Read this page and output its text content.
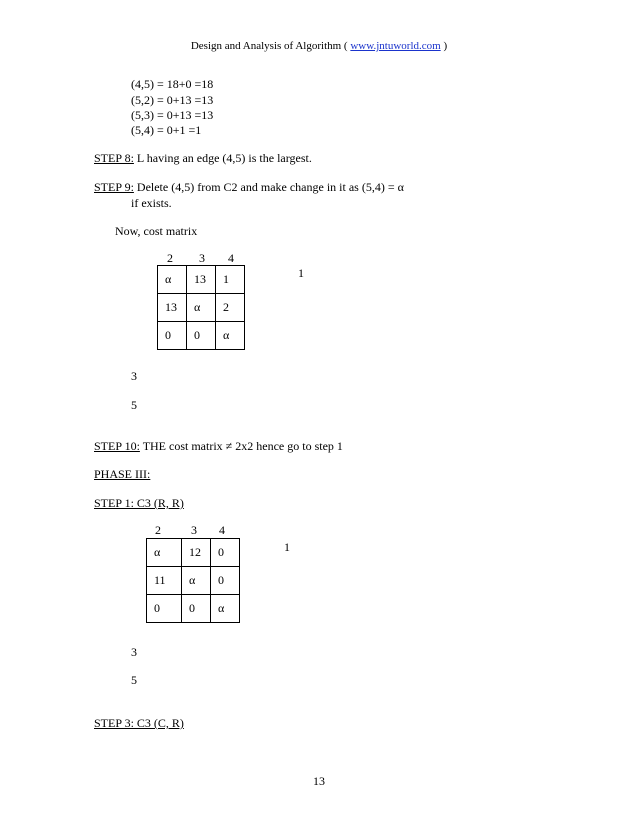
Design and Analysis of Algorithm ( www.jntuworld.com )
(4,5) = 18+0 =18
(5,2) = 0+13 =13
(5,3) = 0+13 =13
(5,4) = 0+1 =1
STEP 8: L having an edge (4,5) is the largest.
STEP 9: Delete (4,5) from C2 and make change in it as (5,4) = α
if exists.
Now, cost matrix
2 3 4
α	13	1
13	α	2
0	0	α
1
3
5
STEP 10: THE cost matrix ≠ 2x2 hence go to step 1
PHASE III:
STEP 1: C3 (R, R)
2	3 4
α	12	0
11	α	0
0	0	α
1
3
5
STEP 3: C3 (C, R)
13
